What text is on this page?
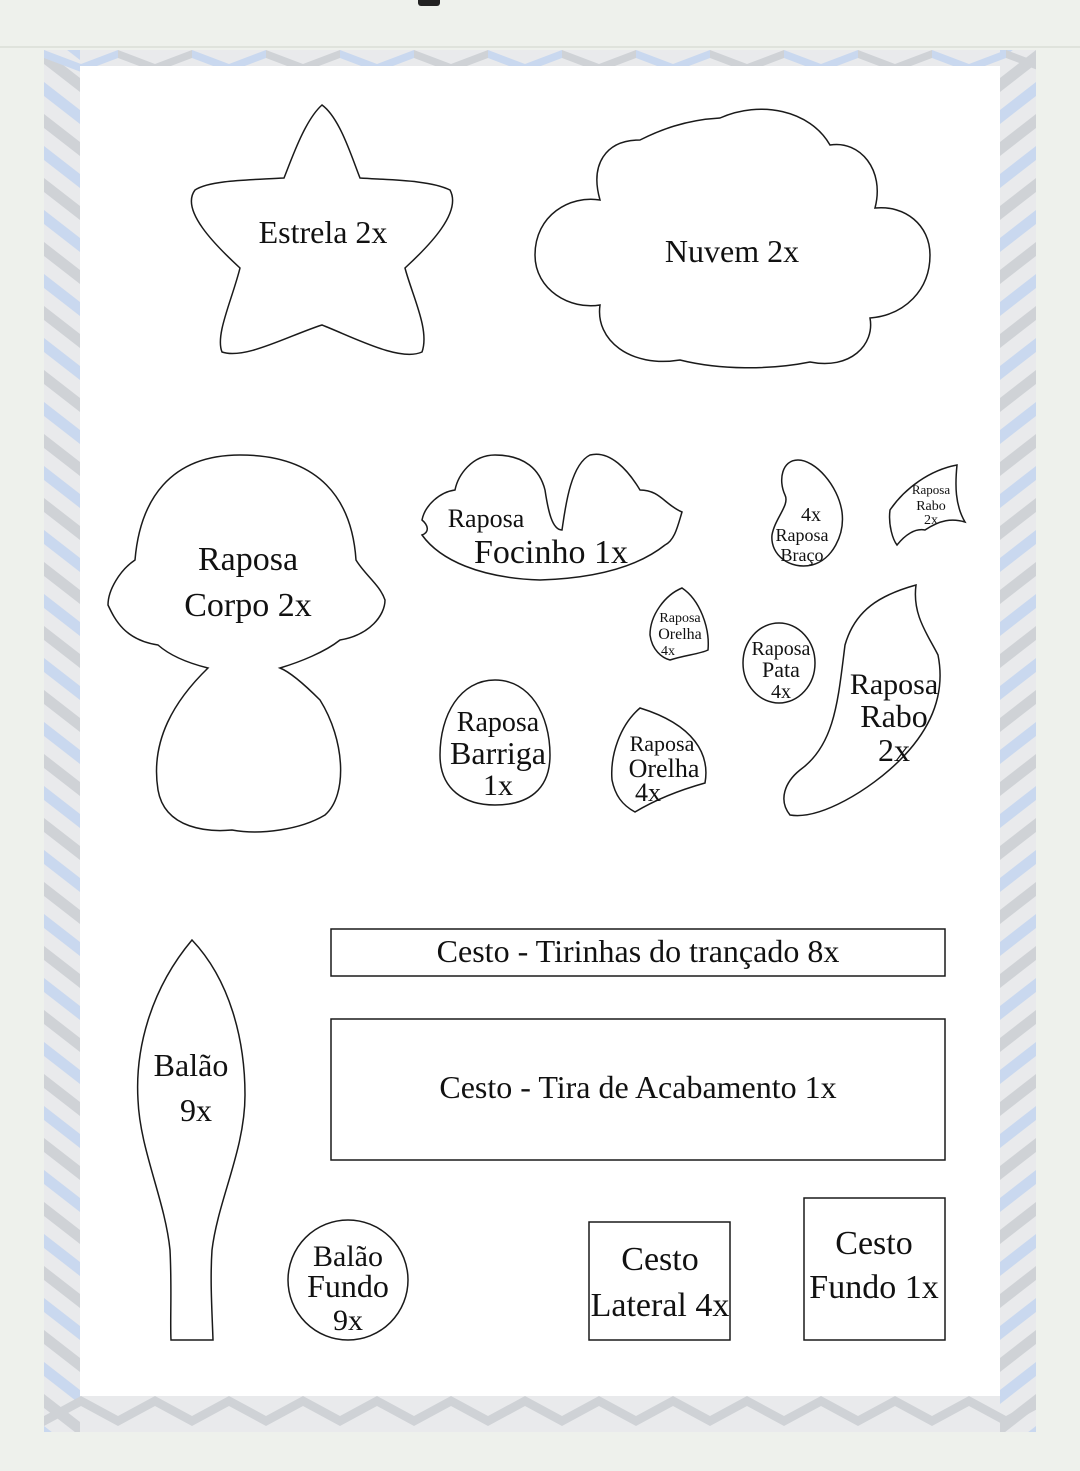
Estrela 2x
Nuvem 2x
Raposa
Corpo 2x
Raposa
Focinho 1x
4x
Raposa
Braço
Raposa
Rabo
2x
Raposa
Orelha
4x	Raposa
Pata
4x Raposa
Rabo
2x
Raposa
Barriga
1x
Raposa
Orelha
4x
Cesto - Tirinhas do trançado 8x
Cesto - Tira de Acabamento 1x
Balão
9x
Balão
Fundo
9x
Cesto
Lateral 4x
Cesto
Fundo 1x
